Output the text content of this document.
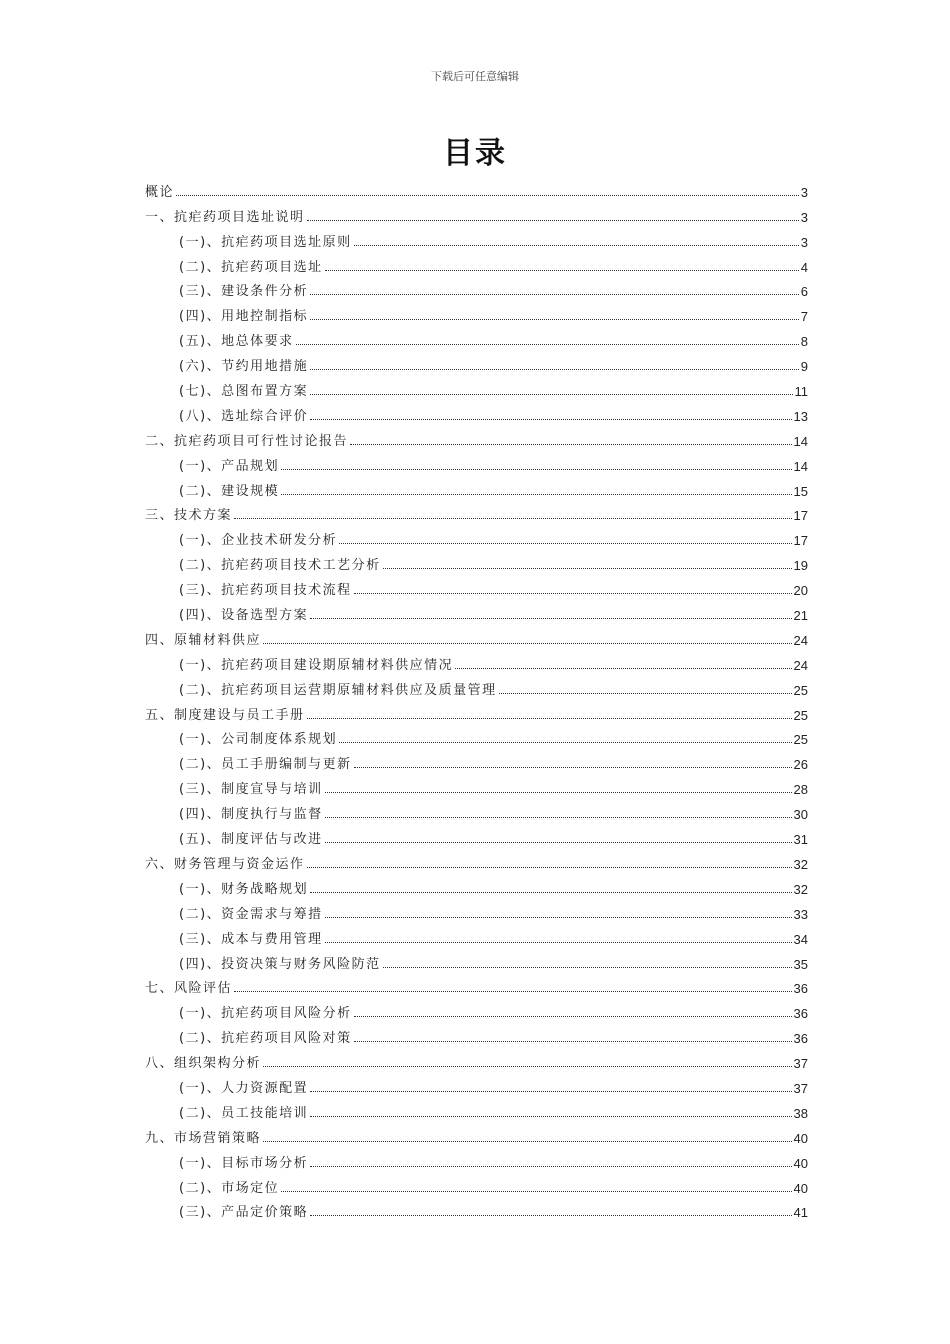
下载后可任意编辑
目录
概论	3
一、抗疟药项目选址说明	3
(一)、抗疟药项目选址原则	3
(二)、抗疟药项目选址	4
(三)、建设条件分析	6
(四)、用地控制指标	7
(五)、地总体要求	8
(六)、节约用地措施	9
(七)、总图布置方案	11
(八)、选址综合评价	13
二、抗疟药项目可行性讨论报告	14
(一)、产品规划	14
(二)、建设规模	15
三、技术方案	17
(一)、企业技术研发分析	17
(二)、抗疟药项目技术工艺分析	19
(三)、抗疟药项目技术流程	20
(四)、设备选型方案	21
四、原辅材料供应	24
(一)、抗疟药项目建设期原辅材料供应情况	24
(二)、抗疟药项目运营期原辅材料供应及质量管理	25
五、制度建设与员工手册	25
(一)、公司制度体系规划	25
(二)、员工手册编制与更新	26
(三)、制度宣导与培训	28
(四)、制度执行与监督	30
(五)、制度评估与改进	31
六、财务管理与资金运作	32
(一)、财务战略规划	32
(二)、资金需求与筹措	33
(三)、成本与费用管理	34
(四)、投资决策与财务风险防范	35
七、风险评估	36
(一)、抗疟药项目风险分析	36
(二)、抗疟药项目风险对策	36
八、组织架构分析	37
(一)、人力资源配置	37
(二)、员工技能培训	38
九、市场营销策略	40
(一)、目标市场分析	40
(二)、市场定位	40
(三)、产品定价策略	41
